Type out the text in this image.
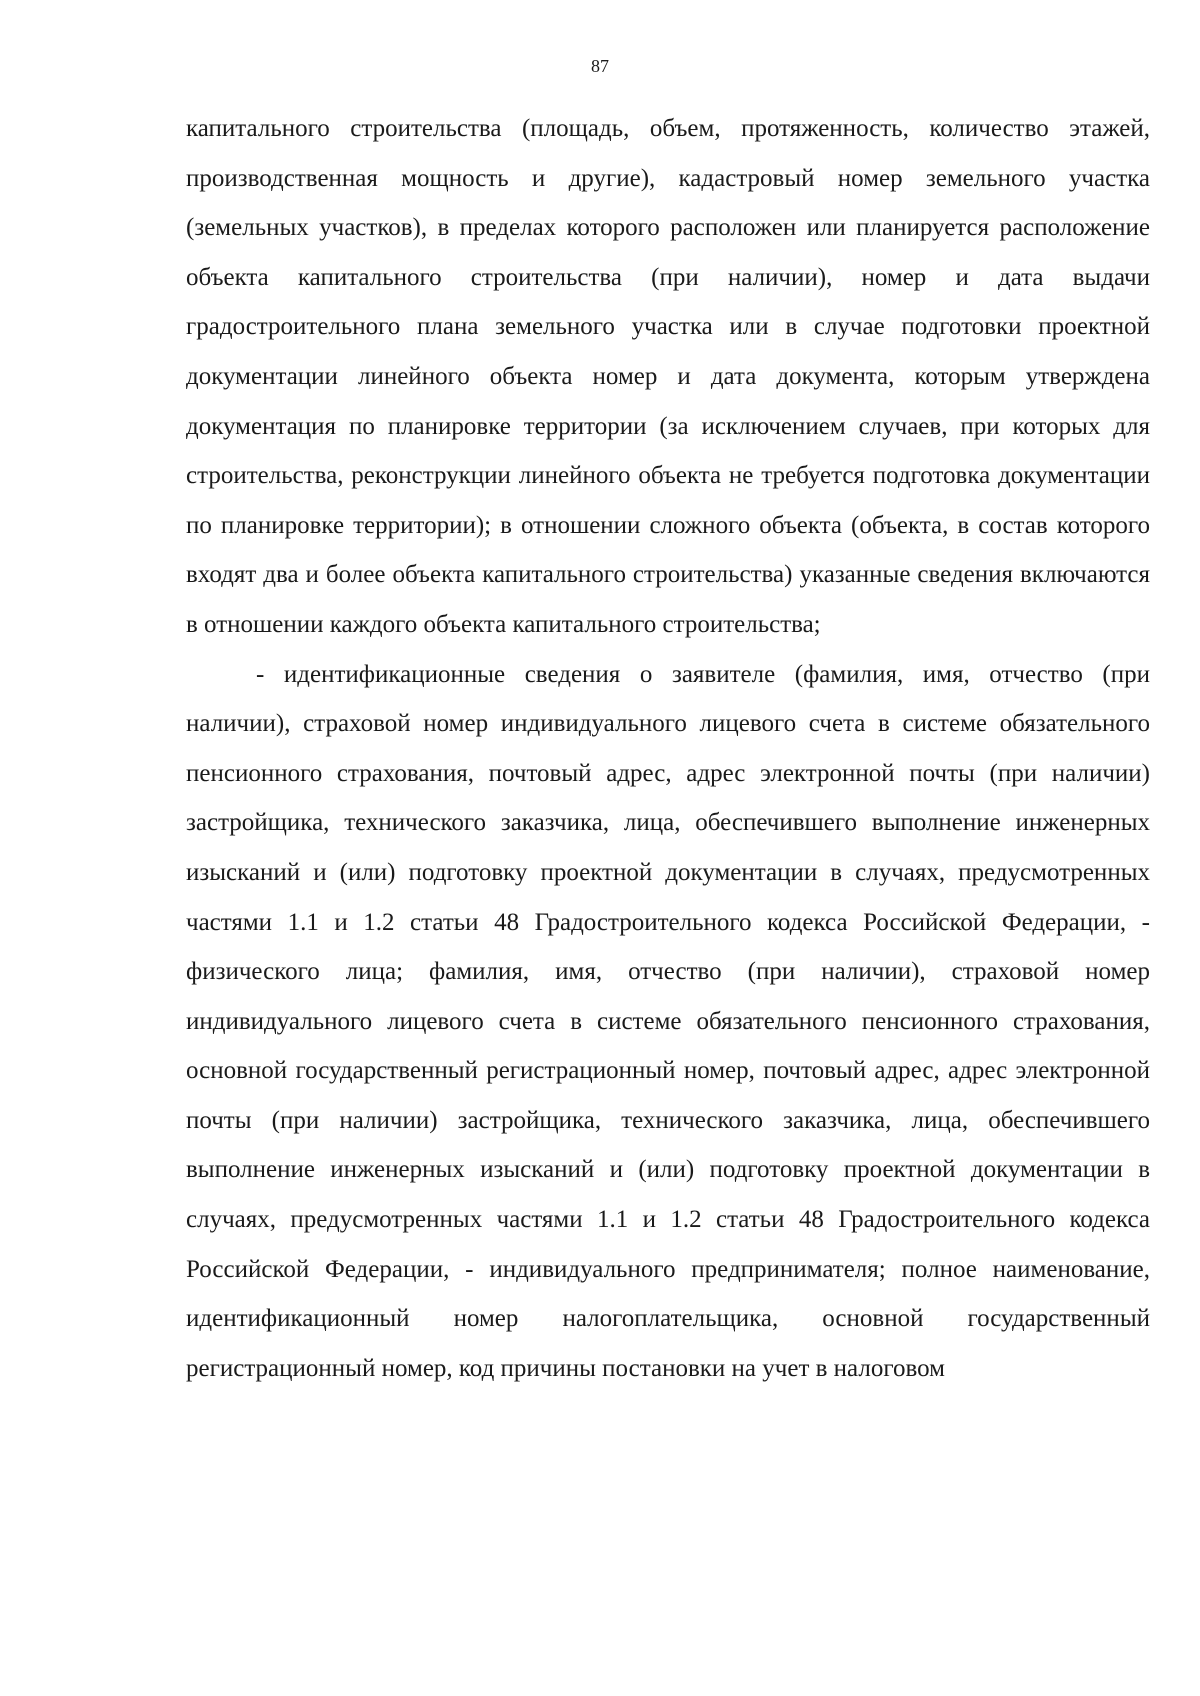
87

капитального строительства (площадь, объем, протяженность, количество этажей, производственная мощность и другие), кадастровый номер земельного участка (земельных участков), в пределах которого расположен или планируется расположение объекта капитального строительства (при наличии), номер и дата выдачи градостроительного плана земельного участка или в случае подготовки проектной документации линейного объекта номер и дата документа, которым утверждена документация по планировке территории (за исключением случаев, при которых для строительства, реконструкции линейного объекта не требуется подготовка документации по планировке территории); в отношении сложного объекта (объекта, в состав которого входят два и более объекта капитального строительства) указанные сведения включаются в отношении каждого объекта капитального строительства;

- идентификационные сведения о заявителе (фамилия, имя, отчество (при наличии), страховой номер индивидуального лицевого счета в системе обязательного пенсионного страхования, почтовый адрес, адрес электронной почты (при наличии) застройщика, технического заказчика, лица, обеспечившего выполнение инженерных изысканий и (или) подготовку проектной документации в случаях, предусмотренных частями 1.1 и 1.2 статьи 48 Градостроительного кодекса Российской Федерации, - физического лица; фамилия, имя, отчество (при наличии), страховой номер индивидуального лицевого счета в системе обязательного пенсионного страхования, основной государственный регистрационный номер, почтовый адрес, адрес электронной почты (при наличии) застройщика, технического заказчика, лица, обеспечившего выполнение инженерных изысканий и (или) подготовку проектной документации в случаях, предусмотренных частями 1.1 и 1.2 статьи 48 Градостроительного кодекса Российской Федерации, - индивидуального предпринимателя; полное наименование, идентификационный номер налогоплательщика, основной государственный регистрационный номер, код причины постановки на учет в налоговом
